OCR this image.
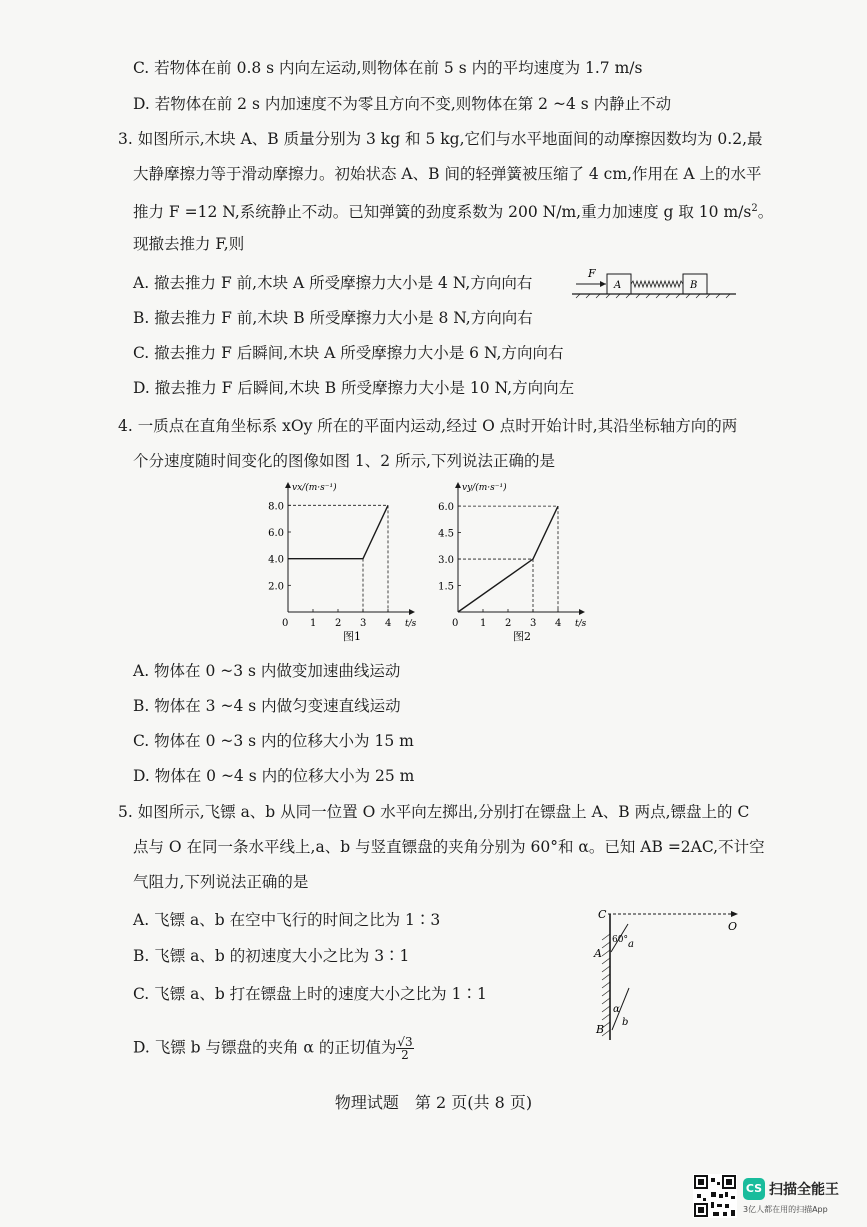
C. 若物体在前 0.8 s 内向左运动,则物体在前 5 s 内的平均速度为 1.7 m/s
D. 若物体在前 2 s 内加速度不为零且方向不变,则物体在第 2 ~4 s 内静止不动
3. 如图所示,木块 A、B 质量分别为 3 kg 和 5 kg,它们与水平地面间的动摩擦因数均为 0.2,最
大静摩擦力等于滑动摩擦力。初始状态 A、B 间的轻弹簧被压缩了 4 cm,作用在 A 上的水平
推力 F =12 N,系统静止不动。已知弹簧的劲度系数为 200 N/m,重力加速度 g 取 10 $m/s^2$。
现撤去推力 F,则
A. 撤去推力 F 前,木块 A 所受摩擦力大小是 4 N,方向向右
B. 撤去推力 F 前,木块 B 所受摩擦力大小是 8 N,方向向右
C. 撤去推力 F 后瞬间,木块 A 所受摩擦力大小是 6 N,方向向右
D. 撤去推力 F 后瞬间,木块 B 所受摩擦力大小是 10 N,方向向左
F
A	B
4. 一质点在直角坐标系 xOy 所在的平面内运动,经过 O 点时开始计时,其沿坐标轴方向的两
个分速度随时间变化的图像如图 1、2 所示,下列说法正确的是
vx/(m·s⁻¹)
t/s
0 1 2 3 4
2.0
4.0
6.0
8.0
图1
vy/(m·s⁻¹)
t/s
0 1 2 3 4
1.5
3.0
4.5
6.0
图2
A. 物体在 0 ~3 s 内做变加速曲线运动
B. 物体在 3 ~4 s 内做匀变速直线运动
C. 物体在 0 ~3 s 内的位移大小为 15 m
D. 物体在 0 ~4 s 内的位移大小为 25 m
5. 如图所示,飞镖 a、b 从同一位置 O 水平向左掷出,分别打在镖盘上 A、B 两点,镖盘上的 C
点与 O 在同一条水平线上,a、b 与竖直镖盘的夹角分别为 60°和 α。已知 AB =2AC,不计空
气阻力,下列说法正确的是
A. 飞镖 a、b 在空中飞行的时间之比为 1∶3
B. 飞镖 a、b 的初速度大小之比为 3∶1
C. 飞镖 a、b 打在镖盘上时的速度大小之比为 1∶1
D. 飞镖 b 与镖盘的夹角 α 的正切值为 $\frac{√3}{2}$
C
O
A
60° a
B
α
b
物理试题　第 2 页(共 8 页)
CS 扫描全能王
3亿人都在用的扫描App
